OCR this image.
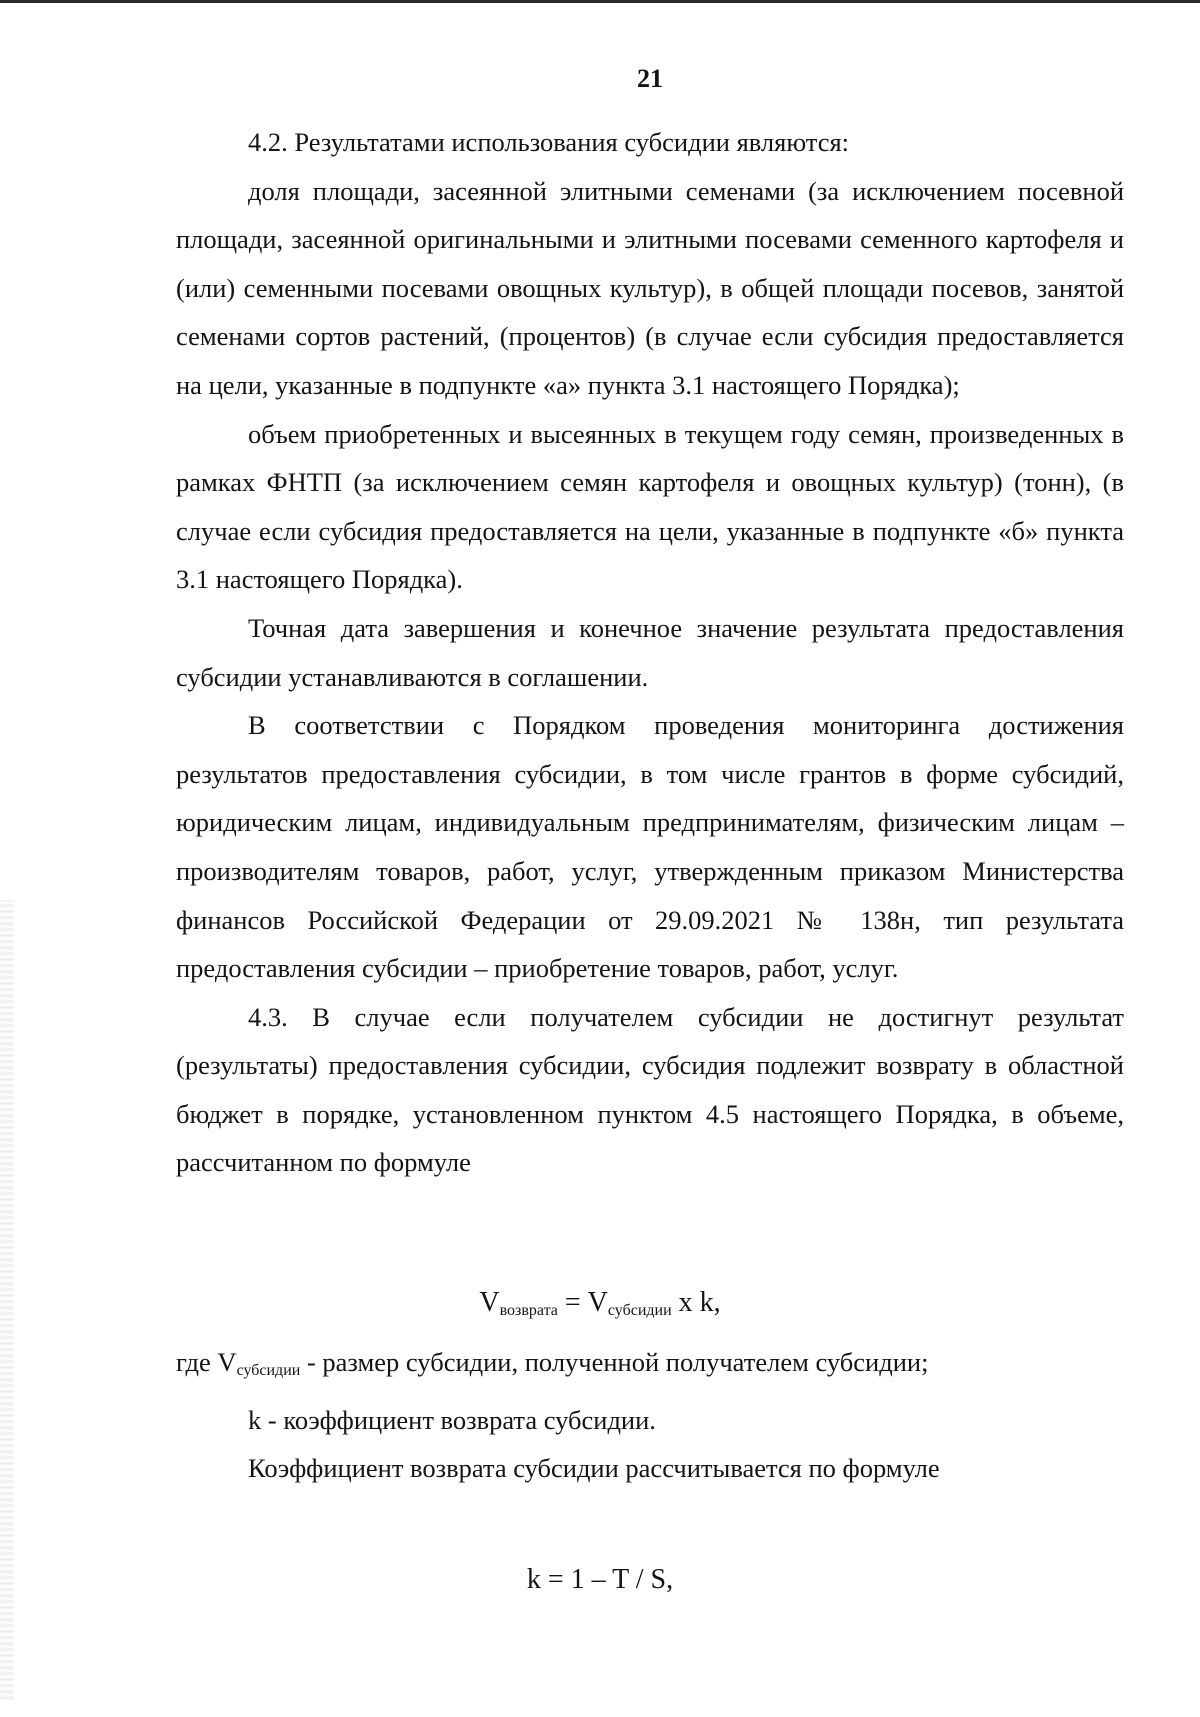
21

4.2. Результатами использования субсидии являются:

доля площади, засеянной элитными семенами (за исключением посевной площади, засеянной оригинальными и элитными посевами семенного картофеля и (или) семенными посевами овощных культур), в общей площади посевов, занятой семенами сортов растений, (процентов) (в случае если субсидия предоставляется на цели, указанные в подпункте «а» пункта 3.1 настоящего Порядка);

объем приобретенных и высеянных в текущем году семян, произведенных в рамках ФНТП (за исключением семян картофеля и овощных культур) (тонн), (в случае если субсидия предоставляется на цели, указанные в подпункте «б» пункта 3.1 настоящего Порядка).

Точная дата завершения и конечное значение результата предоставления субсидии устанавливаются в соглашении.

В соответствии с Порядком проведения мониторинга достижения результатов предоставления субсидии, в том числе грантов в форме субсидий, юридическим лицам, индивидуальным предпринимателям, физическим лицам – производителям товаров, работ, услуг, утвержденным приказом Министерства финансов Российской Федерации от 29.09.2021 № 138н, тип результата предоставления субсидии – приобретение товаров, работ, услуг.

4.3. В случае если получателем субсидии не достигнут результат (результаты) предоставления субсидии, субсидия подлежит возврату в областной бюджет в порядке, установленном пунктом 4.5 настоящего Порядка, в объеме, рассчитанном по формуле

$V_{возврата} = V_{субсидии}$ x k,

где $V_{субсидии}$ - размер субсидии, полученной получателем субсидии;

k - коэффициент возврата субсидии.

Коэффициент возврата субсидии рассчитывается по формуле

k = 1 – T / S,
